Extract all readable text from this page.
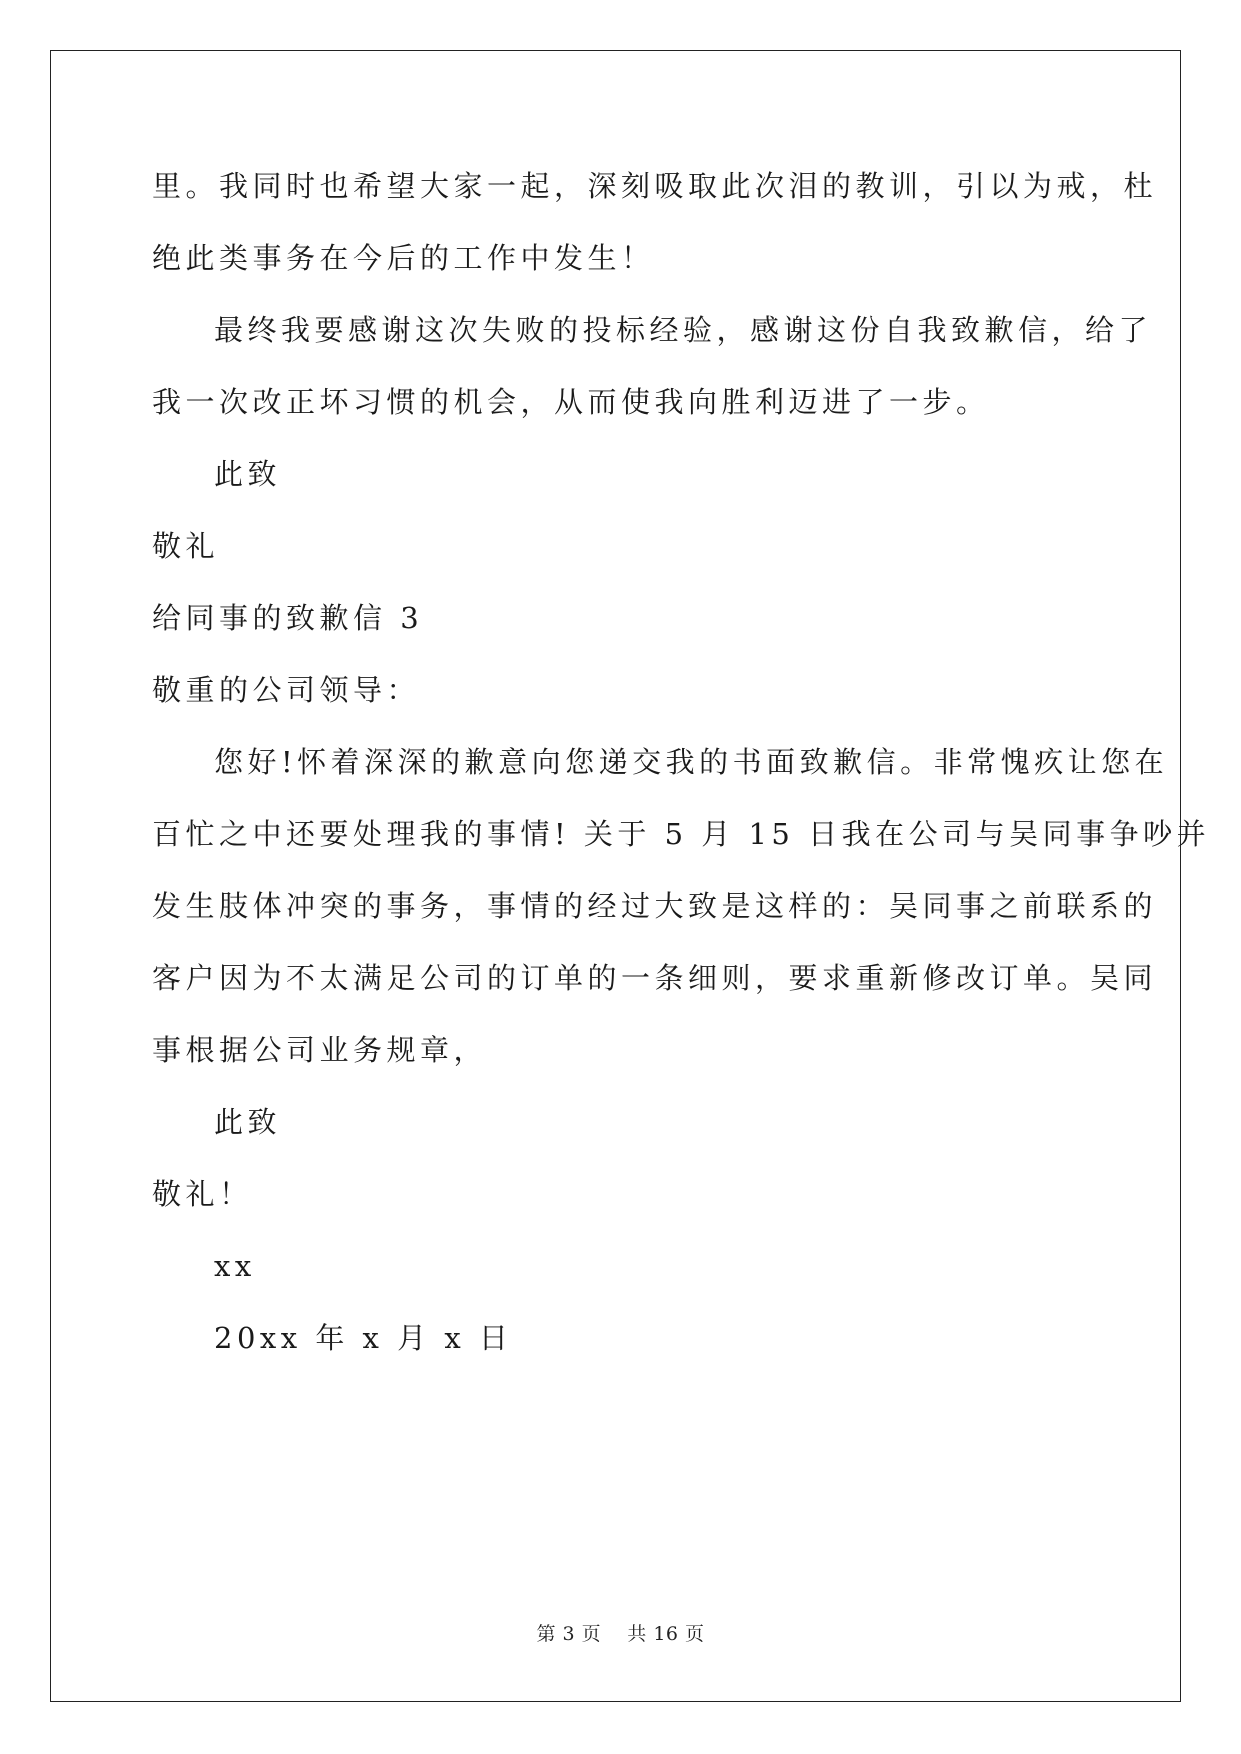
里。我同时也希望大家一起，深刻吸取此次泪的教训，引以为戒，杜
绝此类事务在今后的工作中发生！
最终我要感谢这次失败的投标经验，感谢这份自我致歉信，给了
我一次改正坏习惯的机会，从而使我向胜利迈进了一步。
此致
敬礼
给同事的致歉信 3
敬重的公司领导：
您好!怀着深深的歉意向您递交我的书面致歉信。非常愧疚让您在
百忙之中还要处理我的事情! 关于 5 月 15 日我在公司与吴同事争吵并
发生肢体冲突的事务，事情的经过大致是这样的：吴同事之前联系的
客户因为不太满足公司的订单的一条细则，要求重新修改订单。吴同
事根据公司业务规章，
此致
敬礼！
xx
20xx 年 x 月 x 日
第 3 页 共 16 页
